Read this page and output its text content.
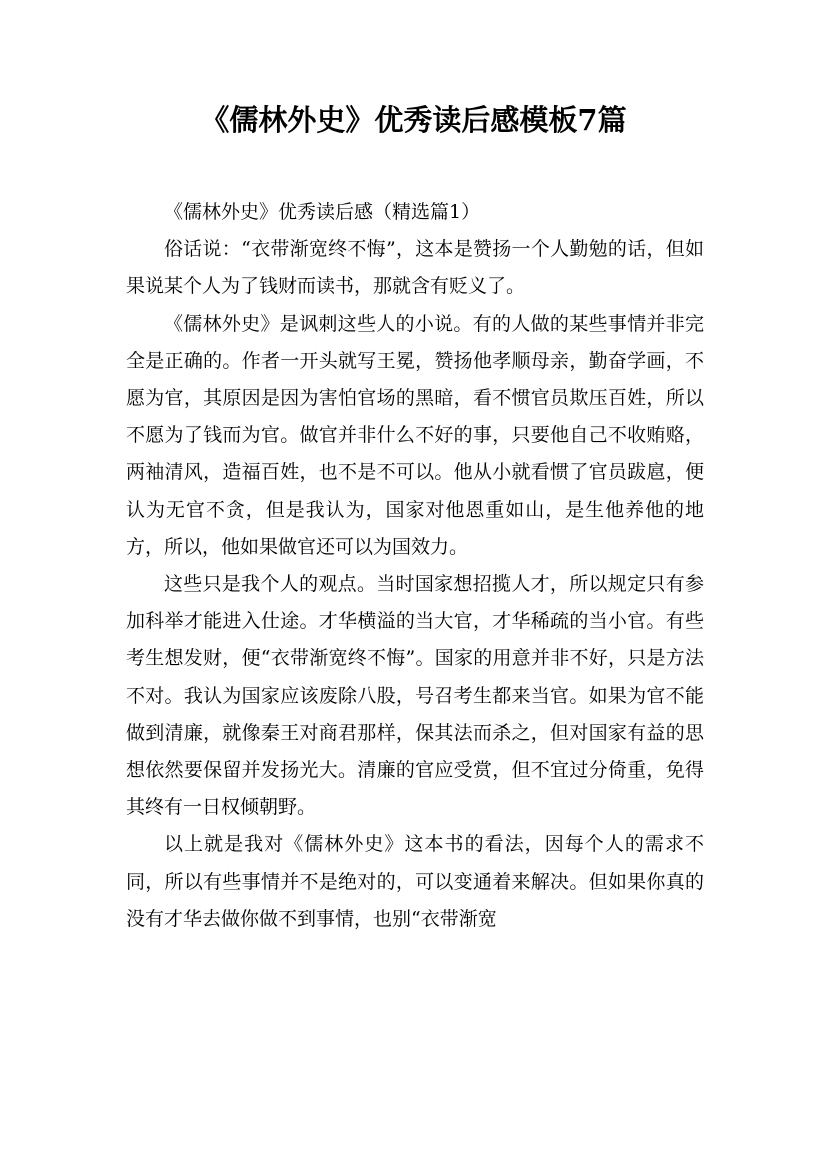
《儒林外史》优秀读后感模板7篇

《儒林外史》优秀读后感（精选篇1）

俗话说：“衣带渐宽终不悔”，这本是赞扬一个人勤勉的话，但如果说某个人为了钱财而读书，那就含有贬义了。

《儒林外史》是讽刺这些人的小说。有的人做的某些事情并非完全是正确的。作者一开头就写王冕，赞扬他孝顺母亲，勤奋学画，不愿为官，其原因是因为害怕官场的黑暗，看不惯官员欺压百姓，所以不愿为了钱而为官。做官并非什么不好的事，只要他自己不收贿赂，两袖清风，造福百姓，也不是不可以。他从小就看惯了官员跋扈，便认为无官不贪，但是我认为，国家对他恩重如山，是生他养他的地方，所以，他如果做官还可以为国效力。

这些只是我个人的观点。当时国家想招揽人才，所以规定只有参加科举才能进入仕途。才华横溢的当大官，才华稀疏的当小官。有些考生想发财，便“衣带渐宽终不悔”。国家的用意并非不好，只是方法不对。我认为国家应该废除八股，号召考生都来当官。如果为官不能做到清廉，就像秦王对商君那样，保其法而杀之，但对国家有益的思想依然要保留并发扬光大。清廉的官应受赏，但不宜过分倚重，免得其终有一日权倾朝野。

以上就是我对《儒林外史》这本书的看法，因每个人的需求不同，所以有些事情并不是绝对的，可以变通着来解决。但如果你真的没有才华去做你做不到事情，也别“衣带渐宽
